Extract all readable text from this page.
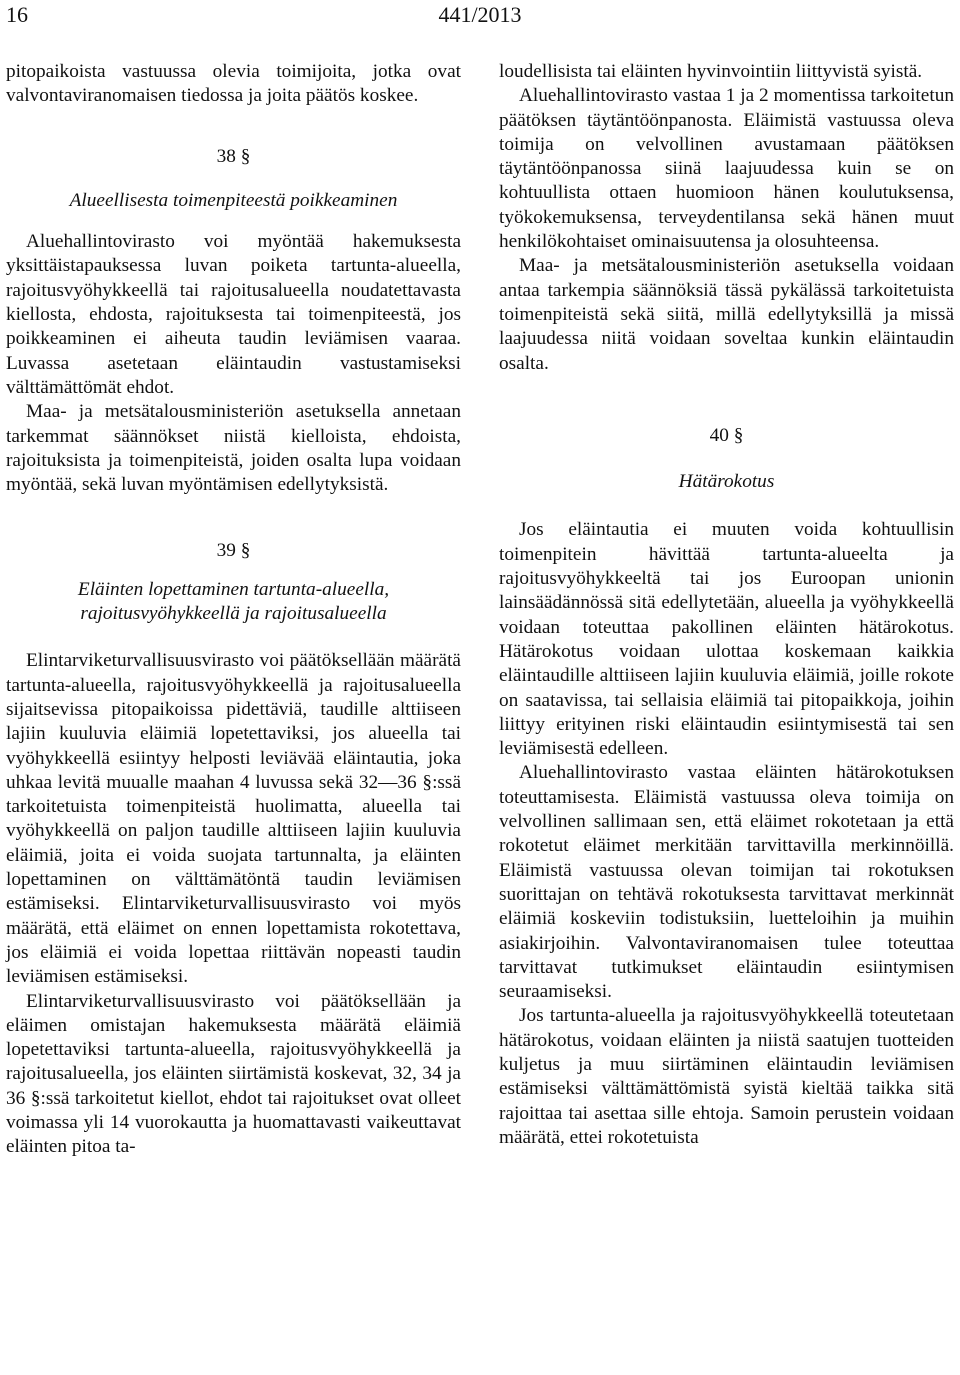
16	441/2013

pitopaikoista vastuussa olevia toimijoita, jotka ovat valvontaviranomaisen tiedossa ja joita päätös koskee.

38 §

Alueellisesta toimenpiteestä poikkeaminen

Aluehallintovirasto voi myöntää hakemuksesta yksittäistapauksessa luvan poiketa tartunta-alueella, rajoitusvyöhykkeellä tai rajoitusalueella noudatettavasta kiellosta, ehdosta, rajoituksesta tai toimenpiteestä, jos poikkeaminen ei aiheuta taudin leviämisen vaaraa. Luvassa asetetaan eläintaudin vastustamiseksi välttämättömät ehdot.

Maa- ja metsätalousministeriön asetuksella annetaan tarkemmat säännökset niistä kielloista, ehdoista, rajoituksista ja toimenpiteistä, joiden osalta lupa voidaan myöntää, sekä luvan myöntämisen edellytyksistä.

39 §

Eläinten lopettaminen tartunta-alueella,

rajoitusvyöhykkeellä ja rajoitusalueella

Elintarviketurvallisuusvirasto voi päätöksellään määrätä tartunta-alueella, rajoitusvyöhykkeellä ja rajoitusalueella sijaitsevissa pitopaikoissa pidettäviä, taudille alttiiseen lajiin kuuluvia eläimiä lopetettaviksi, jos alueella tai vyöhykkeellä esiintyy helposti leviävää eläintautia, joka uhkaa levitä muualle maahan 4 luvussa sekä 32—36 §:ssä tarkoitetuista toimenpiteistä huolimatta, alueella tai vyöhykkeellä on paljon taudille alttiiseen lajiin kuuluvia eläimiä, joita ei voida suojata tartunnalta, ja eläinten lopettaminen on välttämätöntä taudin leviämisen estämiseksi. Elintarviketurvallisuusvirasto voi myös määrätä, että eläimet on ennen lopettamista rokotettava, jos eläimiä ei voida lopettaa riittävän nopeasti taudin leviämisen estämiseksi.

Elintarviketurvallisuusvirasto voi päätöksellään ja eläimen omistajan hakemuksesta määrätä eläimiä lopetettaviksi tartunta-alueella, rajoitusvyöhykkeellä ja rajoitusalueella, jos eläinten siirtämistä koskevat, 32, 34 ja 36 §:ssä tarkoitetut kiellot, ehdot tai rajoitukset ovat olleet voimassa yli 14 vuorokautta ja huomattavasti vaikeuttavat eläinten pitoa ta-

loudellisista tai eläinten hyvinvointiin liittyvistä syistä.

Aluehallintovirasto vastaa 1 ja 2 momentissa tarkoitetun päätöksen täytäntöönpanosta. Eläimistä vastuussa oleva toimija on velvollinen avustamaan päätöksen täytäntöönpanossa siinä laajuudessa kuin se on kohtuullista ottaen huomioon hänen koulutuksensa, työkokemuksensa, terveydentilansa sekä hänen muut henkilökohtaiset ominaisuutensa ja olosuhteensa.

Maa- ja metsätalousministeriön asetuksella voidaan antaa tarkempia säännöksiä tässä pykälässä tarkoitetuista toimenpiteistä sekä siitä, millä edellytyksillä ja missä laajuudessa niitä voidaan soveltaa kunkin eläintaudin osalta.

40 §

Hätärokotus

Jos eläintautia ei muuten voida kohtuullisin toimenpitein hävittää tartunta-alueelta ja rajoitusvyöhykkeeltä tai jos Euroopan unionin lainsäädännössä sitä edellytetään, alueella ja vyöhykkeellä voidaan toteuttaa pakollinen eläinten hätärokotus. Hätärokotus voidaan ulottaa koskemaan kaikkia eläintaudille alttiiseen lajiin kuuluvia eläimiä, joille rokote on saatavissa, tai sellaisia eläimiä tai pitopaikkoja, joihin liittyy erityinen riski eläintaudin esiintymisestä tai sen leviämisestä edelleen.

Aluehallintovirasto vastaa eläinten hätärokotuksen toteuttamisesta. Eläimistä vastuussa oleva toimija on velvollinen sallimaan sen, että eläimet rokotetaan ja että rokotetut eläimet merkitään tarvittavilla merkinnöillä. Eläimistä vastuussa olevan toimijan tai rokotuksen suorittajan on tehtävä rokotuksesta tarvittavat merkinnät eläimiä koskeviin todistuksiin, luetteloihin ja muihin asiakirjoihin. Valvontaviranomaisen tulee toteuttaa tarvittavat tutkimukset eläintaudin esiintymisen seuraamiseksi.

Jos tartunta-alueella ja rajoitusvyöhykkeellä toteutetaan hätärokotus, voidaan eläinten ja niistä saatujen tuotteiden kuljetus ja muu siirtäminen eläintaudin leviämisen estämiseksi välttämättömistä syistä kieltää taikka sitä rajoittaa tai asettaa sille ehtoja. Samoin perustein voidaan määrätä, ettei rokotetuista
